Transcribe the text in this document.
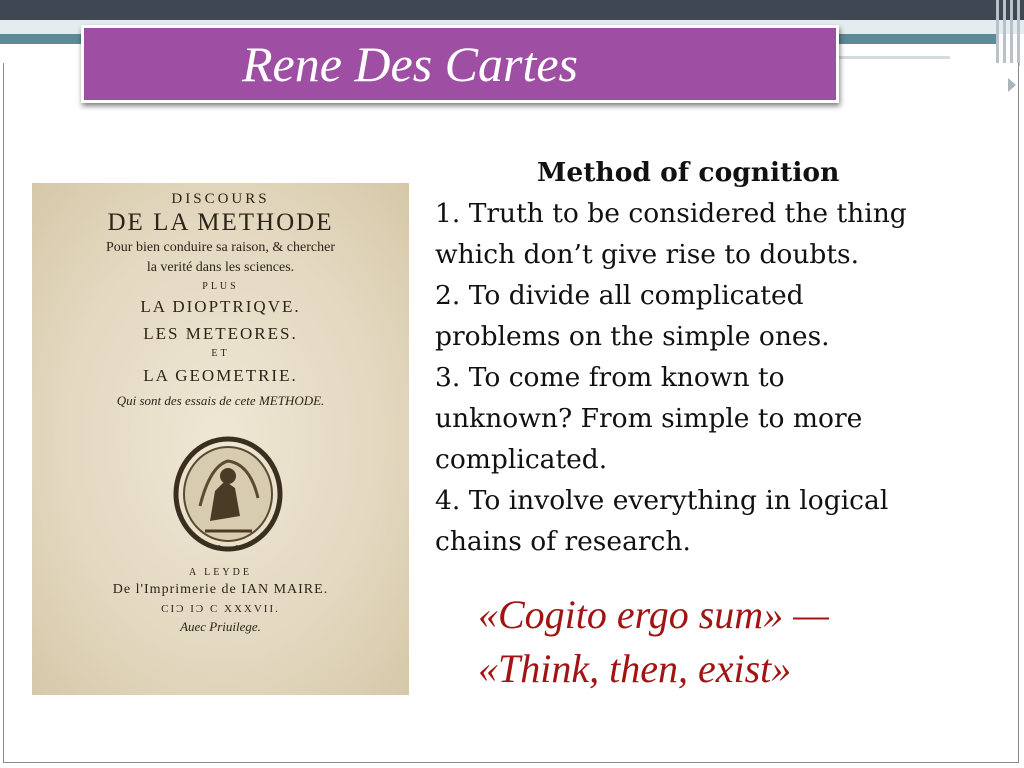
Rene Des Cartes
DISCOURS
DE LA METHODE
Pour bien conduire sa raison, & chercher
la verité dans les sciences.
PLUS
LA DIOPTRIQVE.
LES METEORES.
ET
LA GEOMETRIE.
Qui sont des essais de cete METHODE.
A LEYDE
De l'Imprimerie de IAN MAIRE.
CIƆ IƆ C XXXVII.
Auec Priuilege.
Method of cognition
1. Truth to be considered the thing
which don’t give rise to doubts.
2. To divide all complicated
problems on the simple ones.
3. To come from known to
unknown? From simple to more
complicated.
4. To involve everything in logical
chains of research.
«Cogito ergo sum» —
«Think, then, exist»
